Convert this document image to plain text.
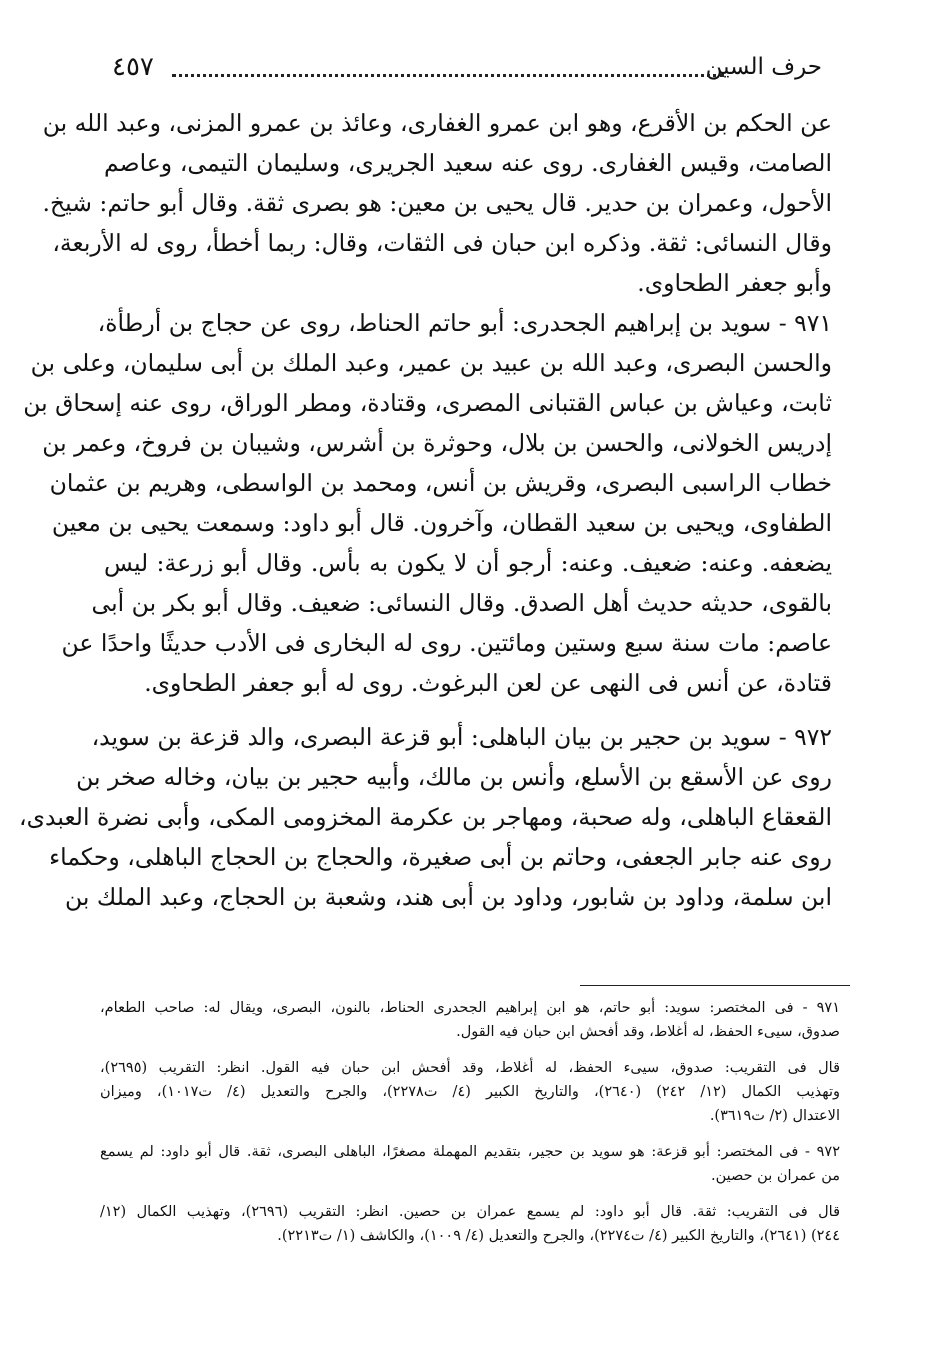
حرف السين
٤٥٧
عن الحكم بن الأقرع، وهو ابن عمرو الغفارى، وعائذ بن عمرو المزنى، وعبد الله بن
الصامت، وقيس الغفارى. روى عنه سعيد الجريرى، وسليمان التيمى، وعاصم
الأحول، وعمران بن حدير. قال يحيى بن معين: هو بصرى ثقة. وقال أبو حاتم: شيخ.
وقال النسائى: ثقة. وذكره ابن حبان فى الثقات، وقال: ربما أخطأ، روى له الأربعة،
وأبو جعفر الطحاوى.
٩٧١ - سويد بن إبراهيم الجحدرى: أبو حاتم الحناط، روى عن حجاج بن أرطأة،
والحسن البصرى، وعبد الله بن عبيد بن عمير، وعبد الملك بن أبى سليمان، وعلى بن
ثابت، وعياش بن عباس القتبانى المصرى، وقتادة، ومطر الوراق، روى عنه إسحاق بن
إدريس الخولانى، والحسن بن بلال، وحوثرة بن أشرس، وشيبان بن فروخ، وعمر بن
خطاب الراسبى البصرى، وقريش بن أنس، ومحمد بن الواسطى، وهريم بن عثمان
الطفاوى، ويحيى بن سعيد القطان، وآخرون. قال أبو داود: وسمعت يحيى بن معين
يضعفه. وعنه: ضعيف. وعنه: أرجو أن لا يكون به بأس. وقال أبو زرعة: ليس
بالقوى، حديثه حديث أهل الصدق. وقال النسائى: ضعيف. وقال أبو بكر بن أبى
عاصم: مات سنة سبع وستين ومائتين. روى له البخارى فى الأدب حديثًا واحدًا عن
قتادة، عن أنس فى النهى عن لعن البرغوث. روى له أبو جعفر الطحاوى.
٩٧٢ - سويد بن حجير بن بيان الباهلى: أبو قزعة البصرى، والد قزعة بن سويد،
روى عن الأسقع بن الأسلع، وأنس بن مالك، وأبيه حجير بن بيان، وخاله صخر بن
القعقاع الباهلى، وله صحبة، ومهاجر بن عكرمة المخزومى المكى، وأبى نضرة العبدى،
روى عنه جابر الجعفى، وحاتم بن أبى صغيرة، والحجاج بن الحجاج الباهلى، وحكماء
ابن سلمة، وداود بن شابور، وداود بن أبى هند، وشعبة بن الحجاج، وعبد الملك بن
٩٧١ - فى المختصر: سويد: أبو حاتم، هو ابن إبراهيم الجحدرى الحناط، بالنون، البصرى، ويقال له: صاحب الطعام،
صدوق، سيىء الحفظ، له أغلاط، وقد أفحش ابن حبان فيه القول.
قال فى التقريب: صدوق، سيىء الحفظ، له أغلاط، وقد أفحش ابن حبان فيه القول. انظر: التقريب (٢٦٩٥)،
وتهذيب الكمال (١٢/ ٢٤٢) (٢٦٤٠)، والتاريخ الكبير (٤/ ت٢٢٧٨)، والجرح والتعديل (٤/ ت١٠١٧)، وميزان
الاعتدال (٢/ ت٣٦١٩).
٩٧٢ - فى المختصر: أبو قزعة: هو سويد بن حجير، بتقديم المهملة مصغرًا، الباهلى البصرى، ثقة. قال أبو داود: لم يسمع
من عمران بن حصين.
قال فى التقريب: ثقة. قال أبو داود: لم يسمع عمران بن حصين. انظر: التقريب (٢٦٩٦)، وتهذيب الكمال (١٢/
٢٤٤) (٢٦٤١)، والتاريخ الكبير (٤/ ت٢٢٧٤)، والجرح والتعديل (٤/ ١٠٠٩)، والكاشف (١/ ت٢٢١٣).
